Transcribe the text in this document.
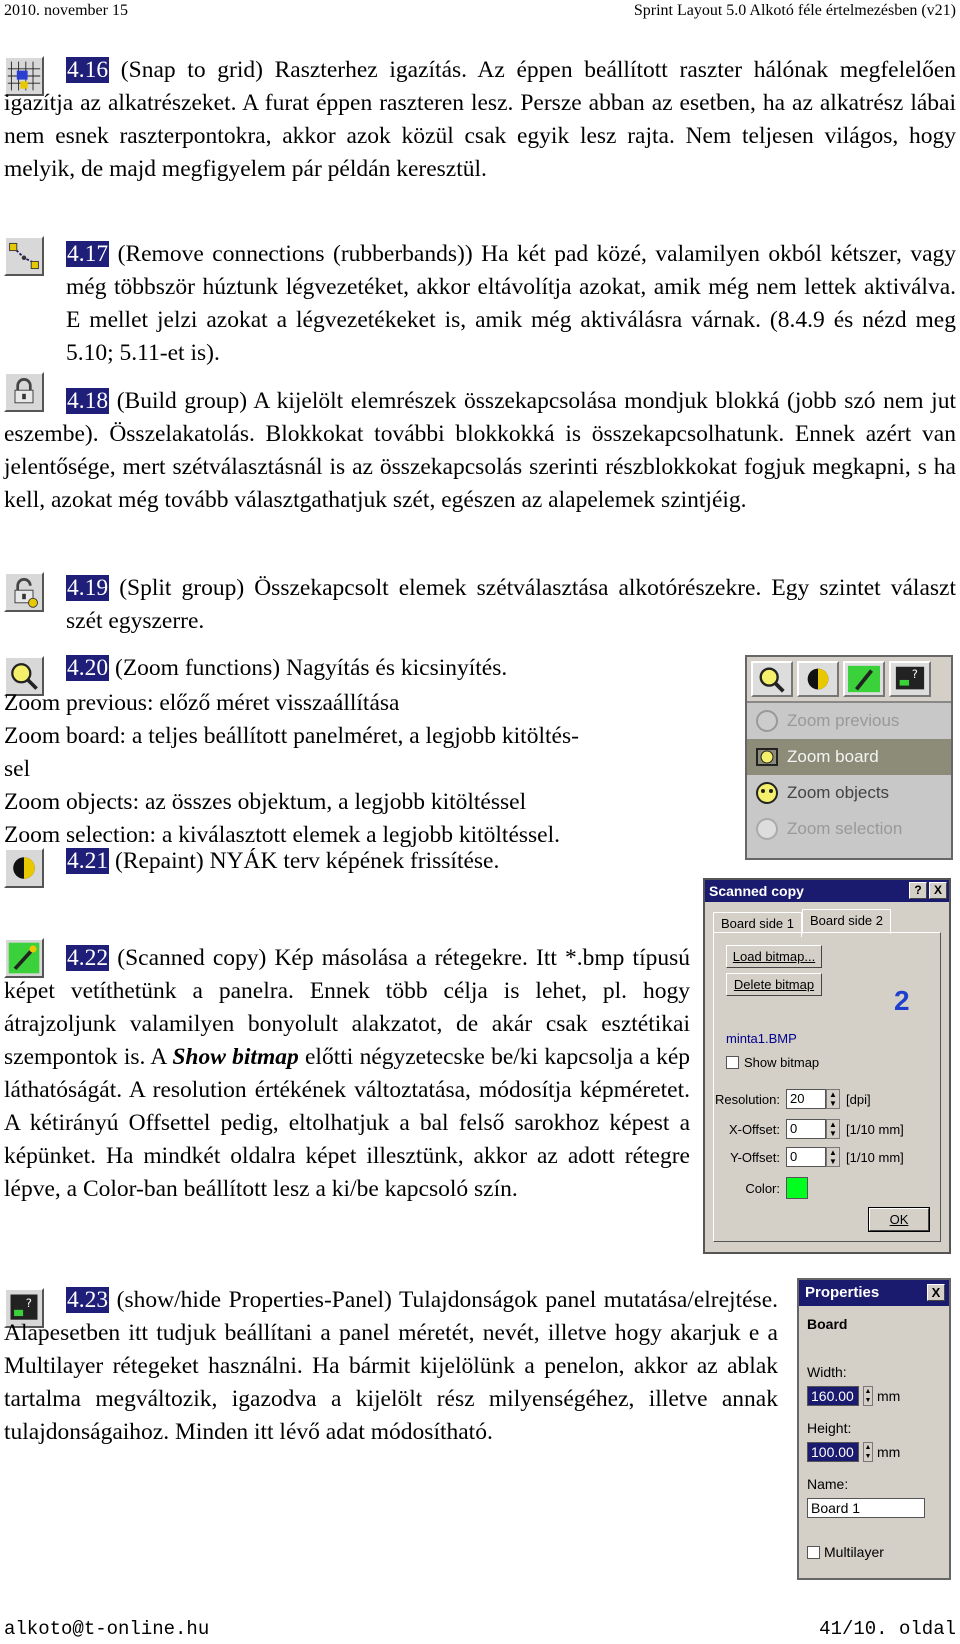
2010. november 15	Sprint Layout 5.0 Alkotó féle értelmezésben (v21)

4.16 (Snap to grid) Raszterhez igazítás. Az éppen beállított raszter hálónak megfelelően igazítja az alkatrészeket. A furat éppen raszteren lesz. Persze abban az esetben, ha az alkatrész lábai nem esnek raszterpontokra, akkor azok közül csak egyik lesz rajta. Nem teljesen világos, hogy melyik, de majd megfigyelem pár példán keresztül.

4.17 (Remove connections (rubberbands)) Ha két pad közé, valamilyen okból kétszer, vagy még többször húztunk légvezetéket, akkor eltávolítja azokat, amik még nem lettek aktiválva. E mellet jelzi azokat a légvezetékeket is, amik még aktiválásra várnak. (8.4.9 és nézd meg 5.10; 5.11-et is).

4.18 (Build group) A kijelölt elemrészek összekapcsolása mondjuk blokká (jobb szó nem jut eszembe). Összelakatolás. Blokkokat további blokkokká is összekapcsolhatunk. Ennek azért van jelentősége, mert szétválasztásnál is az összekapcsolás szerinti részblokkokat fogjuk megkapni, s ha kell, azokat még tovább választgathatjuk szét, egészen az alapelemek szintjéig.

4.19 (Split group) Összekapcsolt elemek szétválasztása alkotórészekre. Egy szintet választ szét egyszerre.

4.20 (Zoom functions) Nagyítás és kicsinyítés.

Zoom previous: előző méret visszaállítása

Zoom board: a teljes beállított panelméret, a legjobb kitöltés-

sel

Zoom objects: az összes objektum, a legjobb kitöltéssel

Zoom selection: a kiválasztott elemek a legjobb kitöltéssel.

?
Zoom previous
Zoom board
Zoom objects
Zoom selection

4.21 (Repaint) NYÁK terv képének frissítése.

4.22 (Scanned copy) Kép másolása a rétegekre. Itt *.bmp típusú képet vetíthetünk a panelra. Ennek több célja is lehet, pl. hogy átrajzoljunk valamilyen bonyolult alakzatot, de akár csak esztétikai szempontok is. A Show bitmap előtti négyzetecske be/ki kapcsolja a kép láthatóságát. A resolution értékének változtatása, módosítja képméretet. A kétirányú Offsettel pedig, eltolhatjuk a bal felső sarokhoz képest a képünket. Ha mindkét oldalra képet illesztünk, akkor az adott rétegre lépve, a Color-ban beállított lesz a ki/be kapcsoló szín.

Scanned copy	?	X
Board side 1	Board side 2
Load bitmap...
Delete bitmap
2
minta1.BMP
Show bitmap
Resolution: 20	▲
▼ [dpi]
X-Offset: 0	▲
▼ [1/10 mm]
Y-Offset: 0	▲
▼ [1/10 mm]
Color:
OK
?	4.23 (show/hide Properties-Panel) Tulajdonságok panel mutatása/elrejtése. Alapesetben itt tudjuk beállítani a panel méretét, nevét, illetve hogy akarjuk e a Multilayer rétegeket használni. Ha bármit kijelölünk a penelon, akkor az ablak tartalma megváltozik, igazodva a kijelölt rész milyenségéhez, illetve annak tulajdonságaihoz. Minden itt lévő adat módosítható.

Properties	X
Board
Width:
160.00	▲
▼ mm
Height:
100.00	▲
▼ mm
Name:
Board 1
Multilayer
alkoto@t-online.hu	41/10. oldal
